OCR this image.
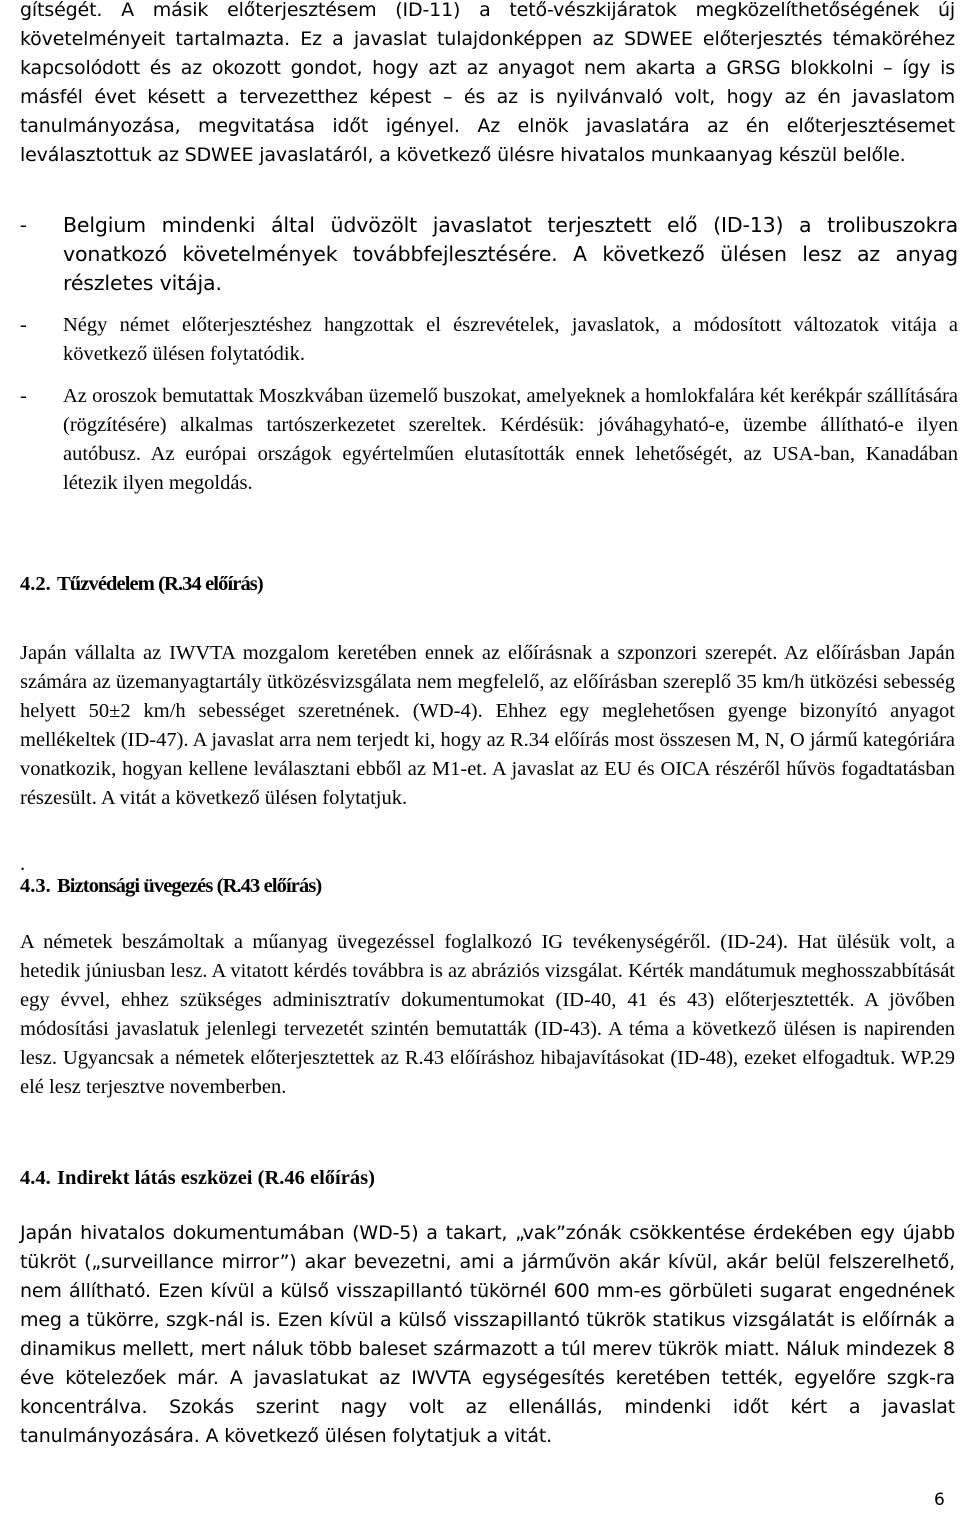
gítségét. A másik előterjesztésem (ID-11) a tető-vészkijáratok megközelíthetőségének új követelményeit tartalmazta. Ez a javaslat tulajdonképpen az SDWEE előterjesztés témaköréhez kapcsolódott és az okozott gondot, hogy azt az anyagot nem akarta a GRSG blokkolni – így is másfél évet késett a tervezetthez képest – és az is nyilvánvaló volt, hogy az én javaslatom tanulmányozása, megvitatása időt igényel. Az elnök javaslatára az én előterjesztésemet leválasztottuk az SDWEE javaslatáról, a következő ülésre hivatalos munkaanyag készül belőle.

- Belgium mindenki által üdvözölt javaslatot terjesztett elő (ID-13) a trolibuszokra vonatkozó követelmények továbbfejlesztésére. A következő ülésen lesz az anyag részletes vitája.

- Négy német előterjesztéshez hangzottak el észrevételek, javaslatok, a módosított változatok vitája a következő ülésen folytatódik.

- Az oroszok bemutattak Moszkvában üzemelő buszokat, amelyeknek a homlokfalára két kerékpár szállítására (rögzítésére) alkalmas tartószerkezetet szereltek. Kérdésük: jóváhagyható-e, üzembe állítható-e ilyen autóbusz. Az európai országok egyértelműen elutasították ennek lehetőségét, az USA-ban, Kanadában létezik ilyen megoldás.

4.2. Tűzvédelem (R.34 előírás)

Japán vállalta az IWVTA mozgalom keretében ennek az előírásnak a szponzori szerepét. Az előírásban Japán számára az üzemanyagtartály ütközésvizsgálata nem megfelelő, az előírásban szereplő 35 km/h ütközési sebesség helyett 50±2 km/h sebességet szeretnének. (WD-4). Ehhez egy meglehetősen gyenge bizonyító anyagot mellékeltek (ID-47). A javaslat arra nem terjedt ki, hogy az R.34 előírás most összesen M, N, O jármű kategóriára vonatkozik, hogyan kellene leválasztani ebből az M1-et. A javaslat az EU és OICA részéről hűvös fogadtatásban részesült. A vitát a következő ülésen folytatjuk.

.
4.3. Biztonsági üvegezés (R.43 előírás)

A németek beszámoltak a műanyag üvegezéssel foglalkozó IG tevékenységéről. (ID-24). Hat ülésük volt, a hetedik júniusban lesz. A vitatott kérdés továbbra is az abráziós vizsgálat. Kérték mandátumuk meghosszabbítását egy évvel, ehhez szükséges adminisztratív dokumentumokat (ID-40, 41 és 43) előterjesztették. A jövőben módosítási javaslatuk jelenlegi tervezetét szintén bemutatták (ID-43). A téma a következő ülésen is napirenden lesz. Ugyancsak a németek előterjesztettek az R.43 előíráshoz hibajavításokat (ID-48), ezeket elfogadtuk. WP.29 elé lesz terjesztve novemberben.

4.4. Indirekt látás eszközei (R.46 előírás)

Japán hivatalos dokumentumában (WD-5) a takart, „vak”zónák csökkentése érdekében egy újabb tükröt („surveillance mirror”) akar bevezetni, ami a járművön akár kívül, akár belül felszerelhető, nem állítható. Ezen kívül a külső visszapillantó tükörnél 600 mm-es görbületi sugarat engednének meg a tükörre, szgk-nál is. Ezen kívül a külső visszapillantó tükrök statikus vizsgálatát is előírnák a dinamikus mellett, mert náluk több baleset származott a túl merev tükrök miatt. Náluk mindezek 8 éve kötelezőek már. A javaslatukat az IWVTA egységesítés keretében tették, egyelőre szgk-ra koncentrálva. Szokás szerint nagy volt az ellenállás, mindenki időt kért a javaslat tanulmányozására. A következő ülésen folytatjuk a vitát.

6
